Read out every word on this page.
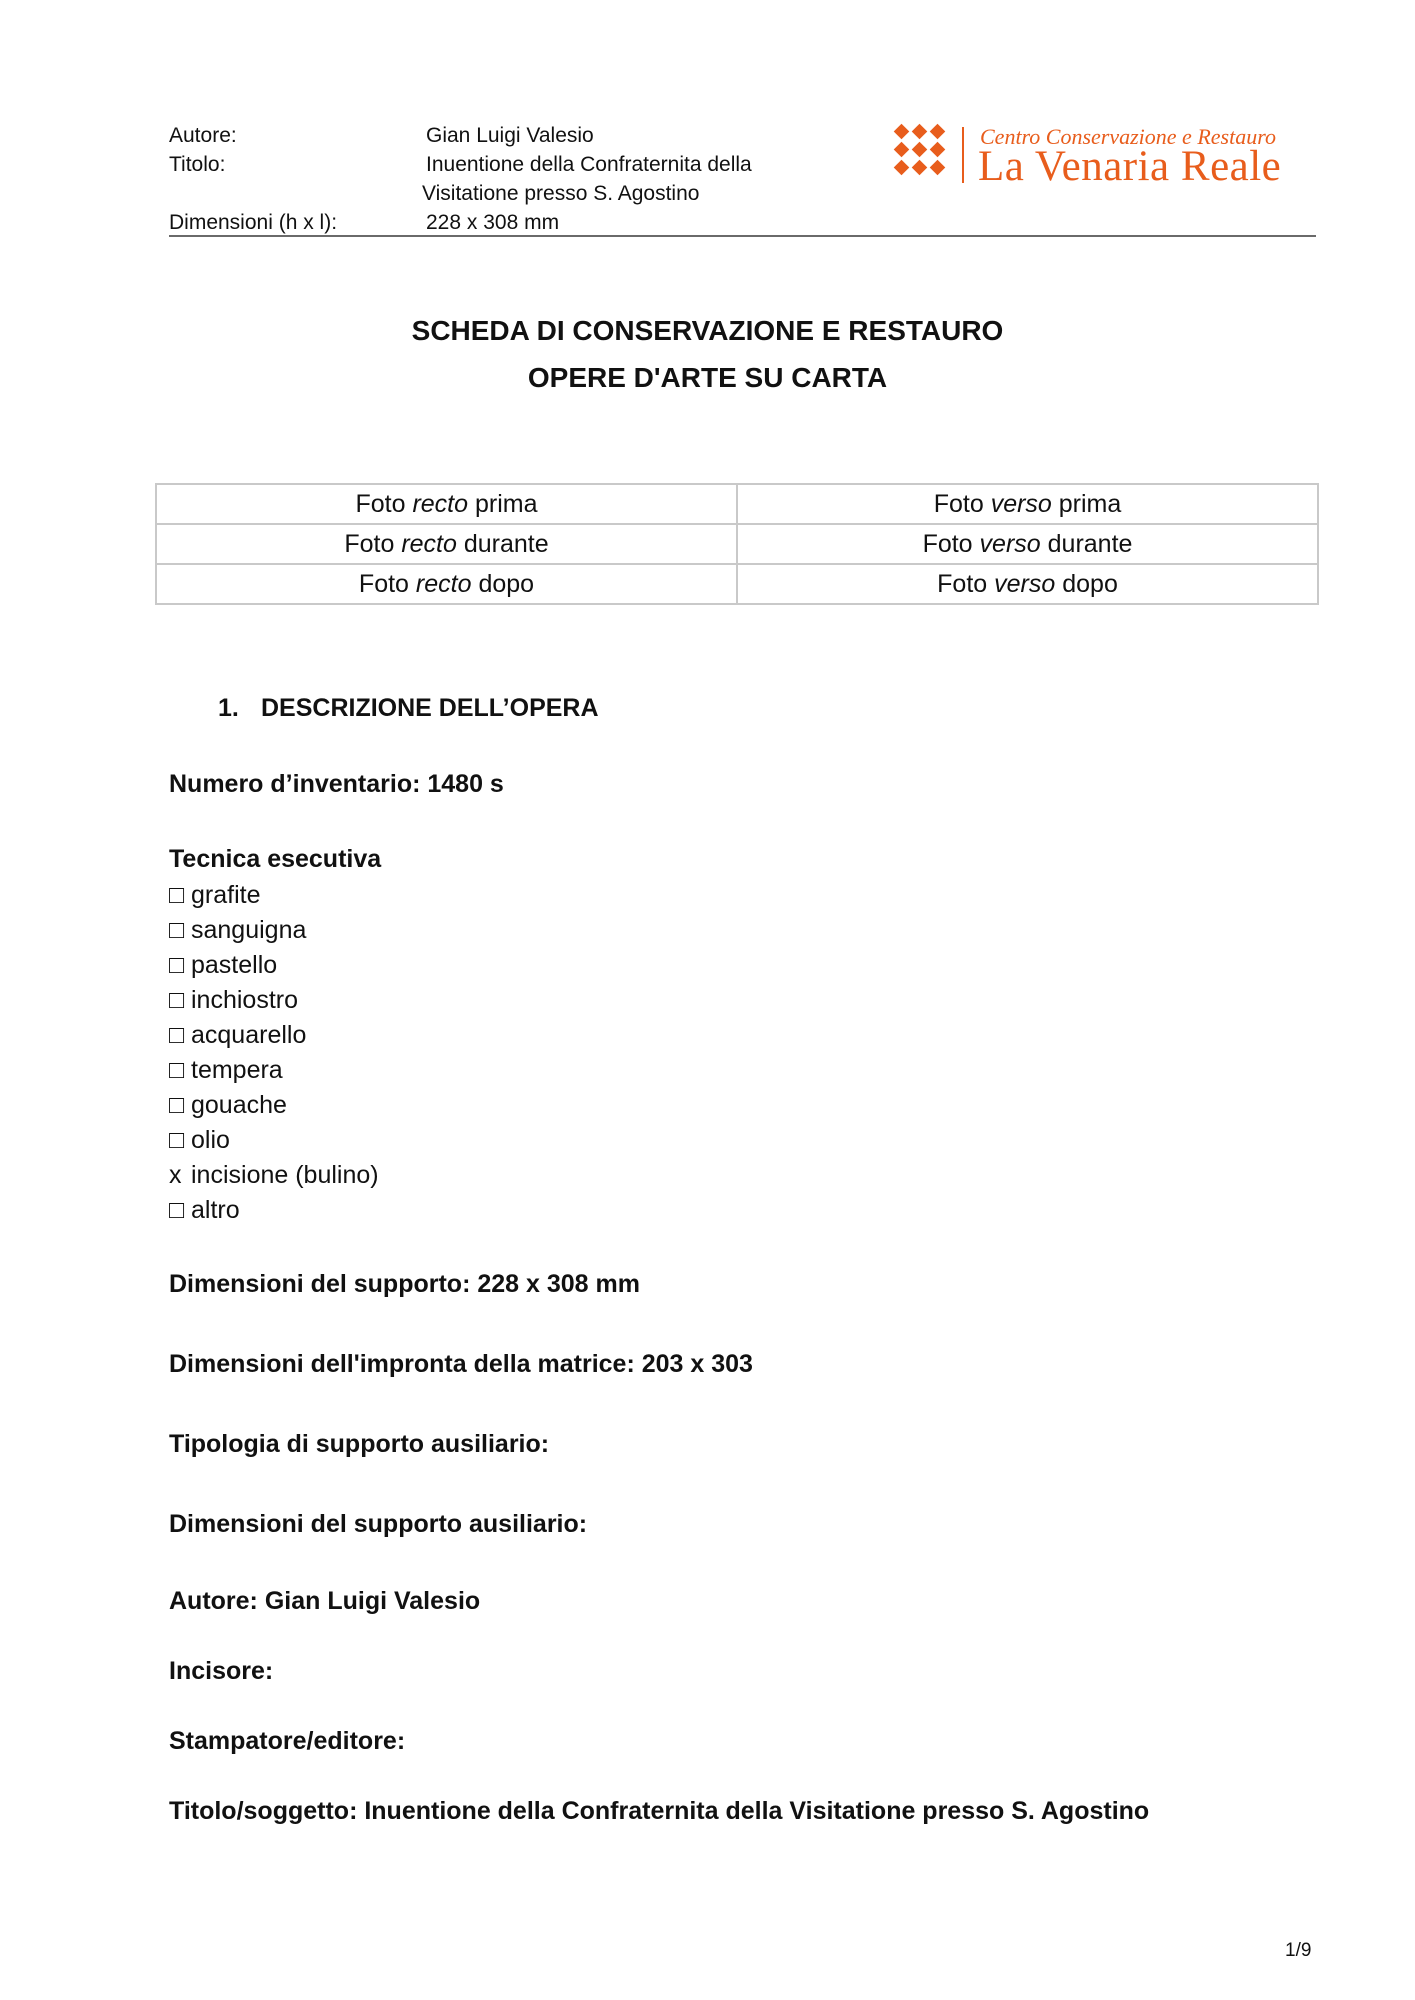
Autore:	Gian Luigi Valesio
Titolo:	Inuentione della Confraternita della
Visitatione presso S. Agostino
Dimensioni (h x l):	228 x 308 mm
Centro Conservazione e Restauro
La Venaria Reale
SCHEDA DI CONSERVAZIONE E RESTAURO
OPERE D'ARTE SU CARTA
Foto recto prima	Foto verso prima
Foto recto durante	Foto verso durante
Foto recto dopo	Foto verso dopo
1. DESCRIZIONE DELL’OPERA
Numero d’inventario: 1480 s
Tecnica esecutiva
□ grafite
□ sanguigna
□ pastello
□ inchiostro
□ acquarello
□ tempera
□ gouache
□ olio
x incisione (bulino)
□ altro
Dimensioni del supporto: 228 x 308 mm
Dimensioni dell'impronta della matrice: 203 x 303
Tipologia di supporto ausiliario:
Dimensioni del supporto ausiliario:
Autore: Gian Luigi Valesio
Incisore:
Stampatore/editore:
Titolo/soggetto: Inuentione della Confraternita della Visitatione presso S. Agostino
1/9
